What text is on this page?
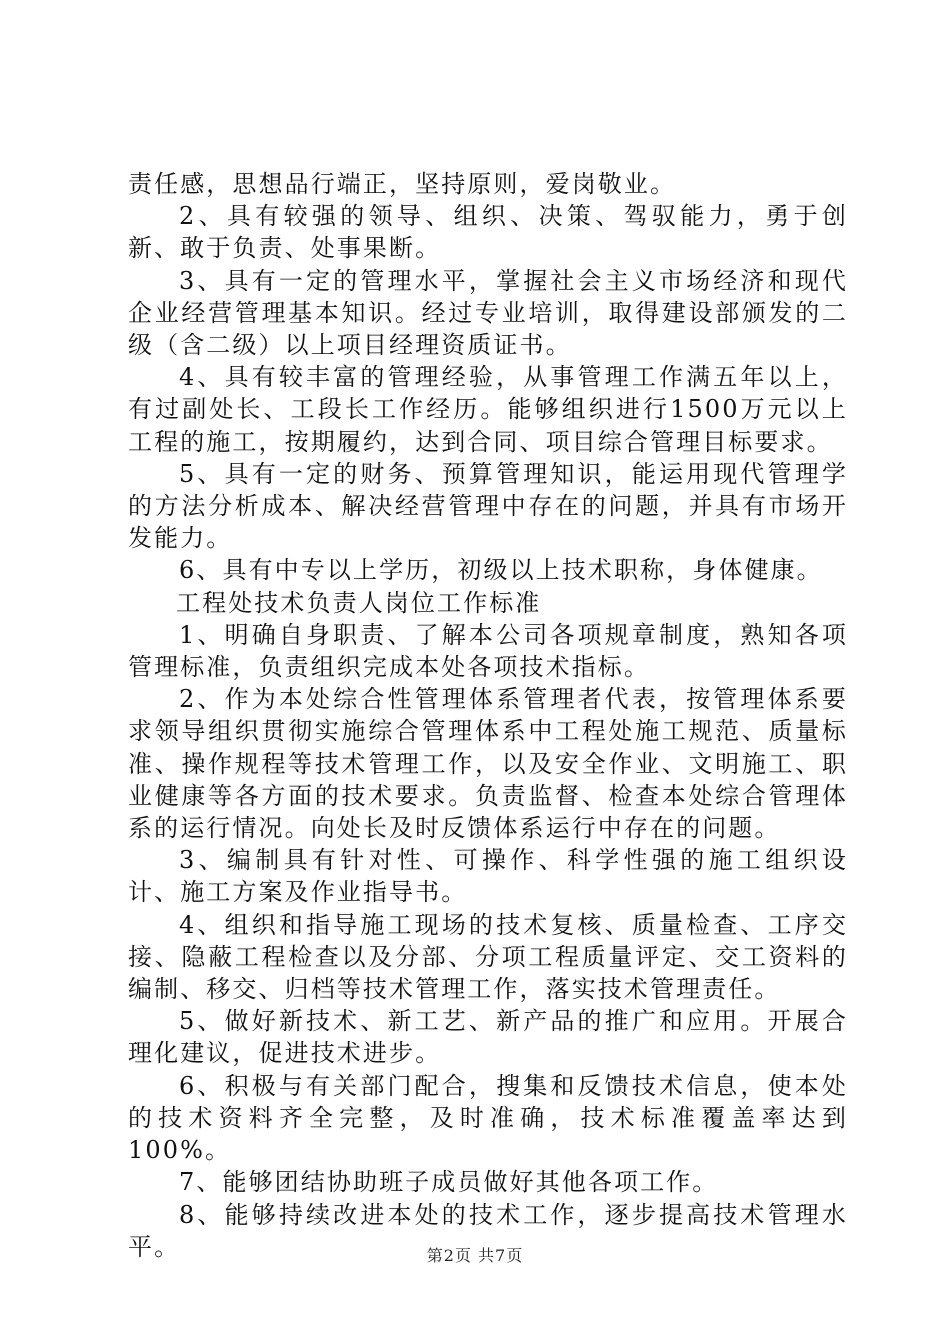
责任感，思想品行端正，坚持原则，爱岗敬业。

2、具有较强的领导、组织、决策、驾驭能力，勇于创新、敢于负责、处事果断。

3、具有一定的管理水平，掌握社会主义市场经济和现代企业经营管理基本知识。经过专业培训，取得建设部颁发的二级（含二级）以上项目经理资质证书。

4、具有较丰富的管理经验，从事管理工作满五年以上，有过副处长、工段长工作经历。能够组织进行1500万元以上工程的施工，按期履约，达到合同、项目综合管理目标要求。

5、具有一定的财务、预算管理知识，能运用现代管理学的方法分析成本、解决经营管理中存在的问题，并具有市场开发能力。

6、具有中专以上学历，初级以上技术职称，身体健康。

工程处技术负责人岗位工作标准

1、明确自身职责、了解本公司各项规章制度，熟知各项管理标准，负责组织完成本处各项技术指标。

2、作为本处综合性管理体系管理者代表，按管理体系要求领导组织贯彻实施综合管理体系中工程处施工规范、质量标准、操作规程等技术管理工作，以及安全作业、文明施工、职业健康等各方面的技术要求。负责监督、检查本处综合管理体系的运行情况。向处长及时反馈体系运行中存在的问题。

3、编制具有针对性、可操作、科学性强的施工组织设计、施工方案及作业指导书。

4、组织和指导施工现场的技术复核、质量检查、工序交接、隐蔽工程检查以及分部、分项工程质量评定、交工资料的编制、移交、归档等技术管理工作，落实技术管理责任。

5、做好新技术、新工艺、新产品的推广和应用。开展合理化建议，促进技术进步。

6、积极与有关部门配合，搜集和反馈技术信息，使本处的技术资料齐全完整，及时准确，技术标准覆盖率达到100%。

7、能够团结协助班子成员做好其他各项工作。

8、能够持续改进本处的技术工作，逐步提高技术管理水平。	第2页 共7页
